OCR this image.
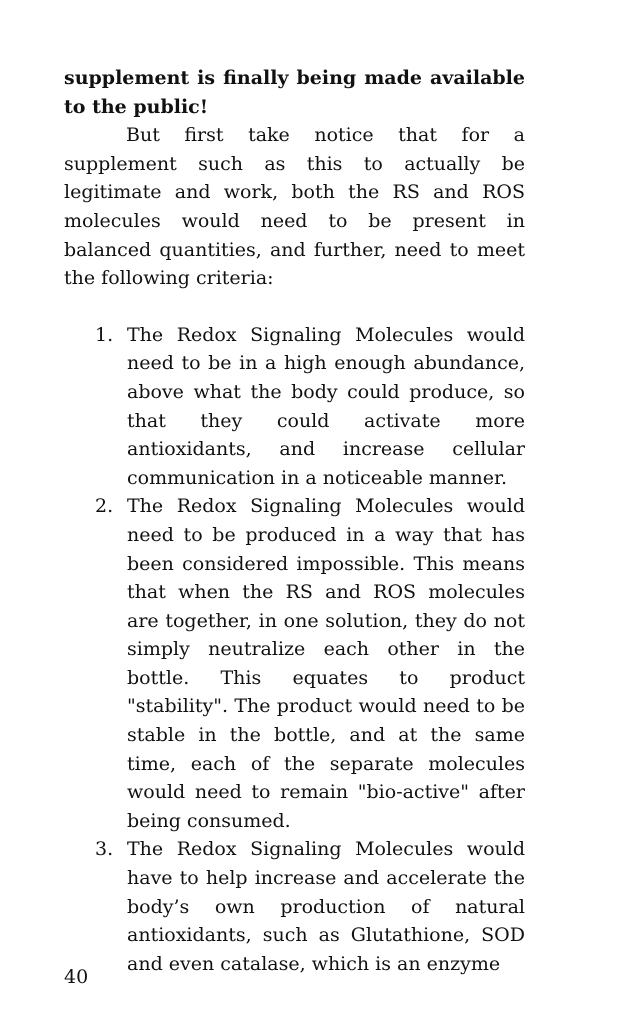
supplement is finally being made available to the public!

But first take notice that for a supplement such as this to actually be legitimate and work, both the RS and ROS molecules would need to be present in balanced quantities, and further, need to meet the following criteria:

1. The Redox Signaling Molecules would need to be in a high enough abundance, above what the body could produce, so that they could activate more antioxidants, and increase cellular communication in a noticeable manner.
2. The Redox Signaling Molecules would need to be produced in a way that has been considered impossible. This means that when the RS and ROS molecules are together, in one solution, they do not simply neutralize each other in the bottle. This equates to product "stability". The product would need to be stable in the bottle, and at the same time, each of the separate molecules would need to remain "bio-active" after being consumed.
3. The Redox Signaling Molecules would have to help increase and accelerate the body’s own production of natural antioxidants, such as Glutathione, SOD and even catalase, which is an enzyme
40
